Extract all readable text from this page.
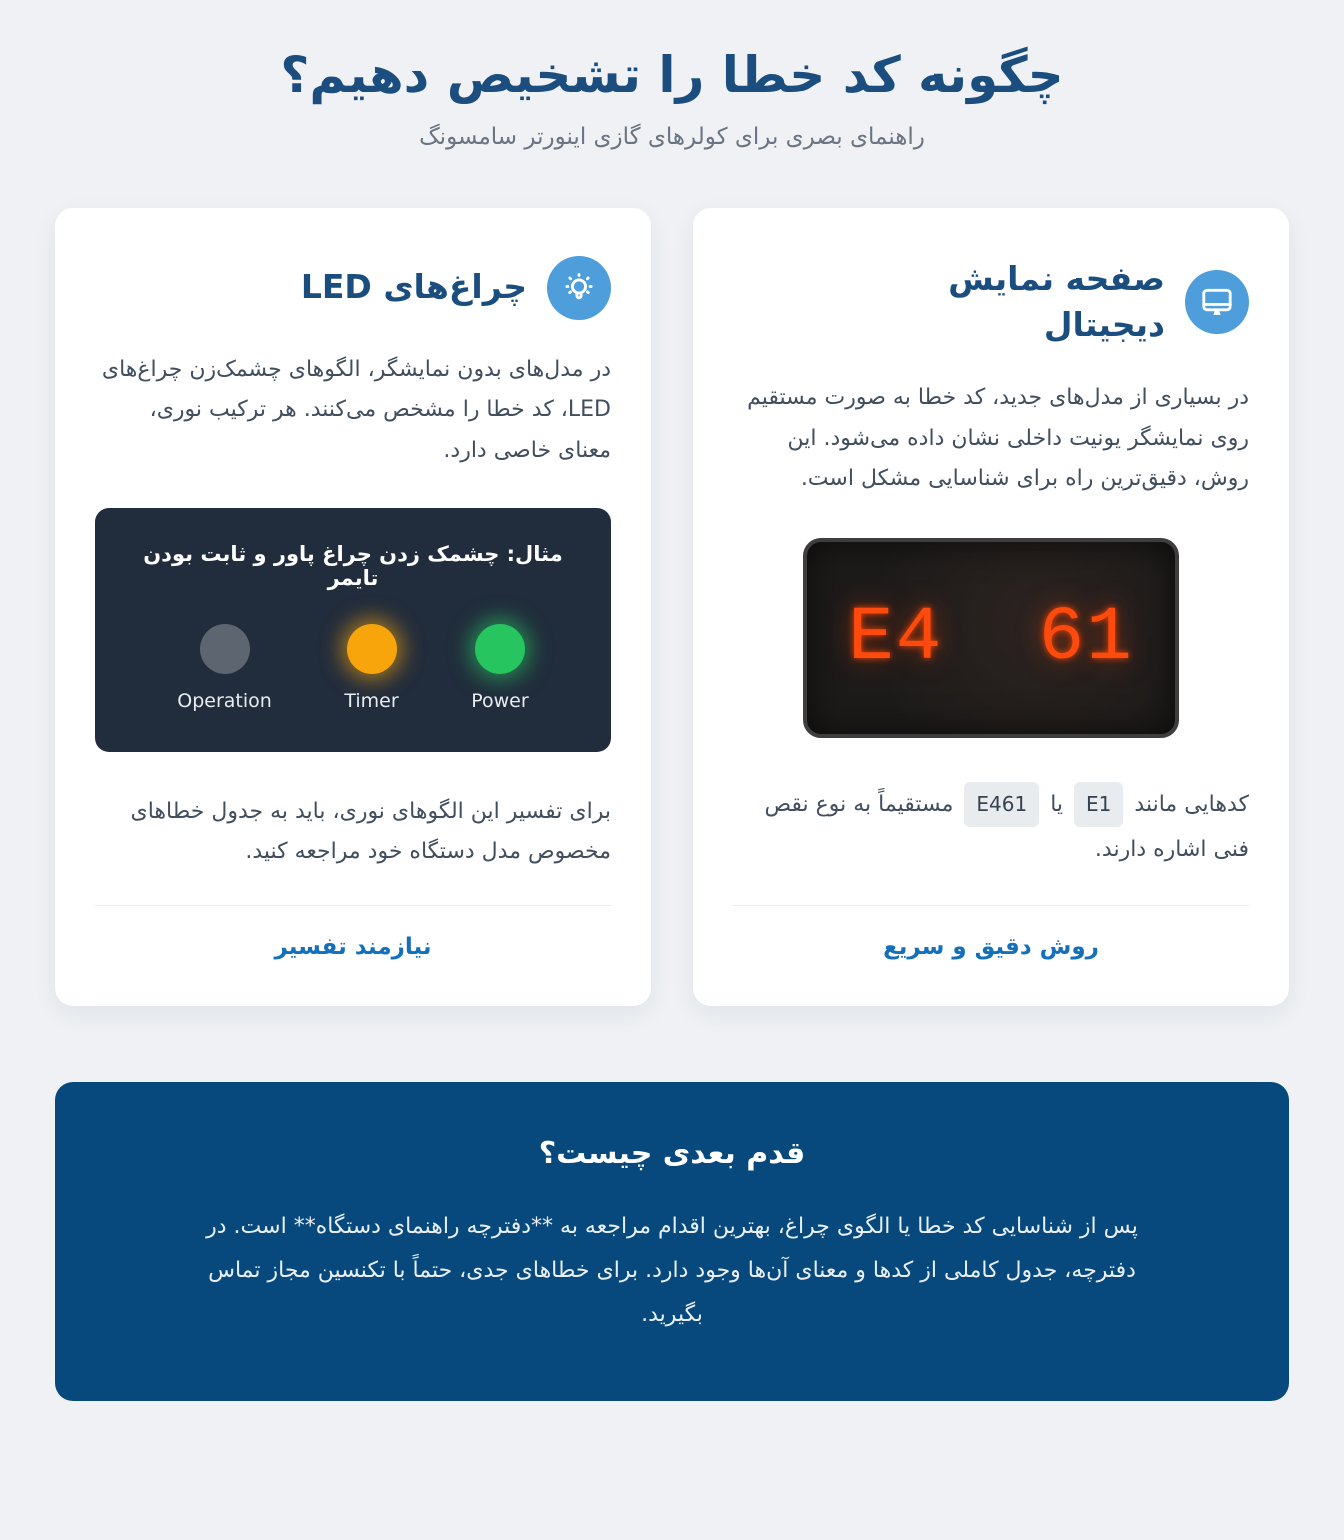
چگونه کد خطا را تشخیص دهیم؟
راهنمای بصری برای کولرهای گازی اینورتر سامسونگ
صفحه نمایش دیجیتال

در بسیاری از مدل‌های جدید، کد خطا به صورت مستقیم روی نمایشگر یونیت داخلی نشان داده می‌شود. این روش، دقیق‌ترین راه برای شناسایی مشکل است.

E4  61

کدهایی مانند E1 یا E461 مستقیماً به نوع نقص فنی اشاره دارند.

روش دقیق و سریع
چراغ‌های LED

در مدل‌های بدون نمایشگر، الگوهای چشمک‌زن چراغ‌های LED، کد خطا را مشخص می‌کنند. هر ترکیب نوری، معنای خاصی دارد.

مثال: چشمک زدن چراغ پاور و ثابت بودن تایمر
Operation	Timer	Power

برای تفسیر این الگوهای نوری، باید به جدول خطاهای مخصوص مدل دستگاه خود مراجعه کنید.

نیازمند تفسیر
قدم بعدی چیست؟

پس از شناسایی کد خطا یا الگوی چراغ، بهترین اقدام مراجعه به **دفترچه راهنمای دستگاه** است. در دفترچه، جدول کاملی از کدها و معنای آن‌ها وجود دارد. برای خطاهای جدی، حتماً با تکنسین مجاز تماس بگیرید.
